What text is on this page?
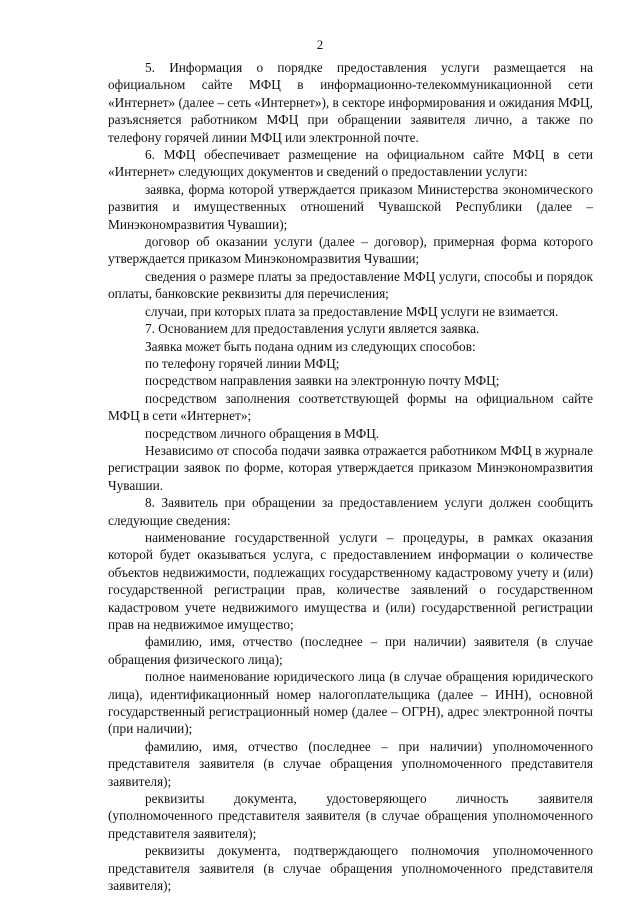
2

5. Информация о порядке предоставления услуги размещается на официальном сайте МФЦ в информационно-телекоммуникационной сети «Интернет» (далее – сеть «Интернет»), в секторе информирования и ожидания МФЦ, разъясняется работником МФЦ при обращении заявителя лично, а также по телефону горячей линии МФЦ или электронной почте.

6. МФЦ обеспечивает размещение на официальном сайте МФЦ в сети «Интернет» следующих документов и сведений о предоставлении услуги:

заявка, форма которой утверждается приказом Министерства экономического развития и имущественных отношений Чувашской Республики (далее – Минэкономразвития Чувашии);

договор об оказании услуги (далее – договор), примерная форма которого утверждается приказом Минэкономразвития Чувашии;

сведения о размере платы за предоставление МФЦ услуги, способы и порядок оплаты, банковские реквизиты для перечисления;

случаи, при которых плата за предоставление МФЦ услуги не взимается.

7. Основанием для предоставления услуги является заявка.

Заявка может быть подана одним из следующих способов:

по телефону горячей линии МФЦ;

посредством направления заявки на электронную почту МФЦ;

посредством заполнения соответствующей формы на официальном сайте МФЦ в сети «Интернет»;

посредством личного обращения в МФЦ.

Независимо от способа подачи заявка отражается работником МФЦ в журнале регистрации заявок по форме, которая утверждается приказом Минэкономразвития Чувашии.

8. Заявитель при обращении за предоставлением услуги должен сообщить следующие сведения:

наименование государственной услуги – процедуры, в рамках оказания которой будет оказываться услуга, с предоставлением информации о количестве объектов недвижимости, подлежащих государственному кадастровому учету и (или) государственной регистрации прав, количестве заявлений о государственном кадастровом учете недвижимого имущества и (или) государственной регистрации прав на недвижимое имущество;

фамилию, имя, отчество (последнее – при наличии) заявителя (в случае обращения физического лица);

полное наименование юридического лица (в случае обращения юридического лица), идентификационный номер налогоплательщика (далее – ИНН), основной государственный регистрационный номер (далее – ОГРН), адрес электронной почты (при наличии);

фамилию, имя, отчество (последнее – при наличии) уполномоченного представителя заявителя (в случае обращения уполномоченного представителя заявителя);

реквизиты документа, удостоверяющего личность заявителя (уполномоченного представителя заявителя (в случае обращения уполномоченного представителя заявителя);

реквизиты документа, подтверждающего полномочия уполномоченного представителя заявителя (в случае обращения уполномоченного представителя заявителя);
